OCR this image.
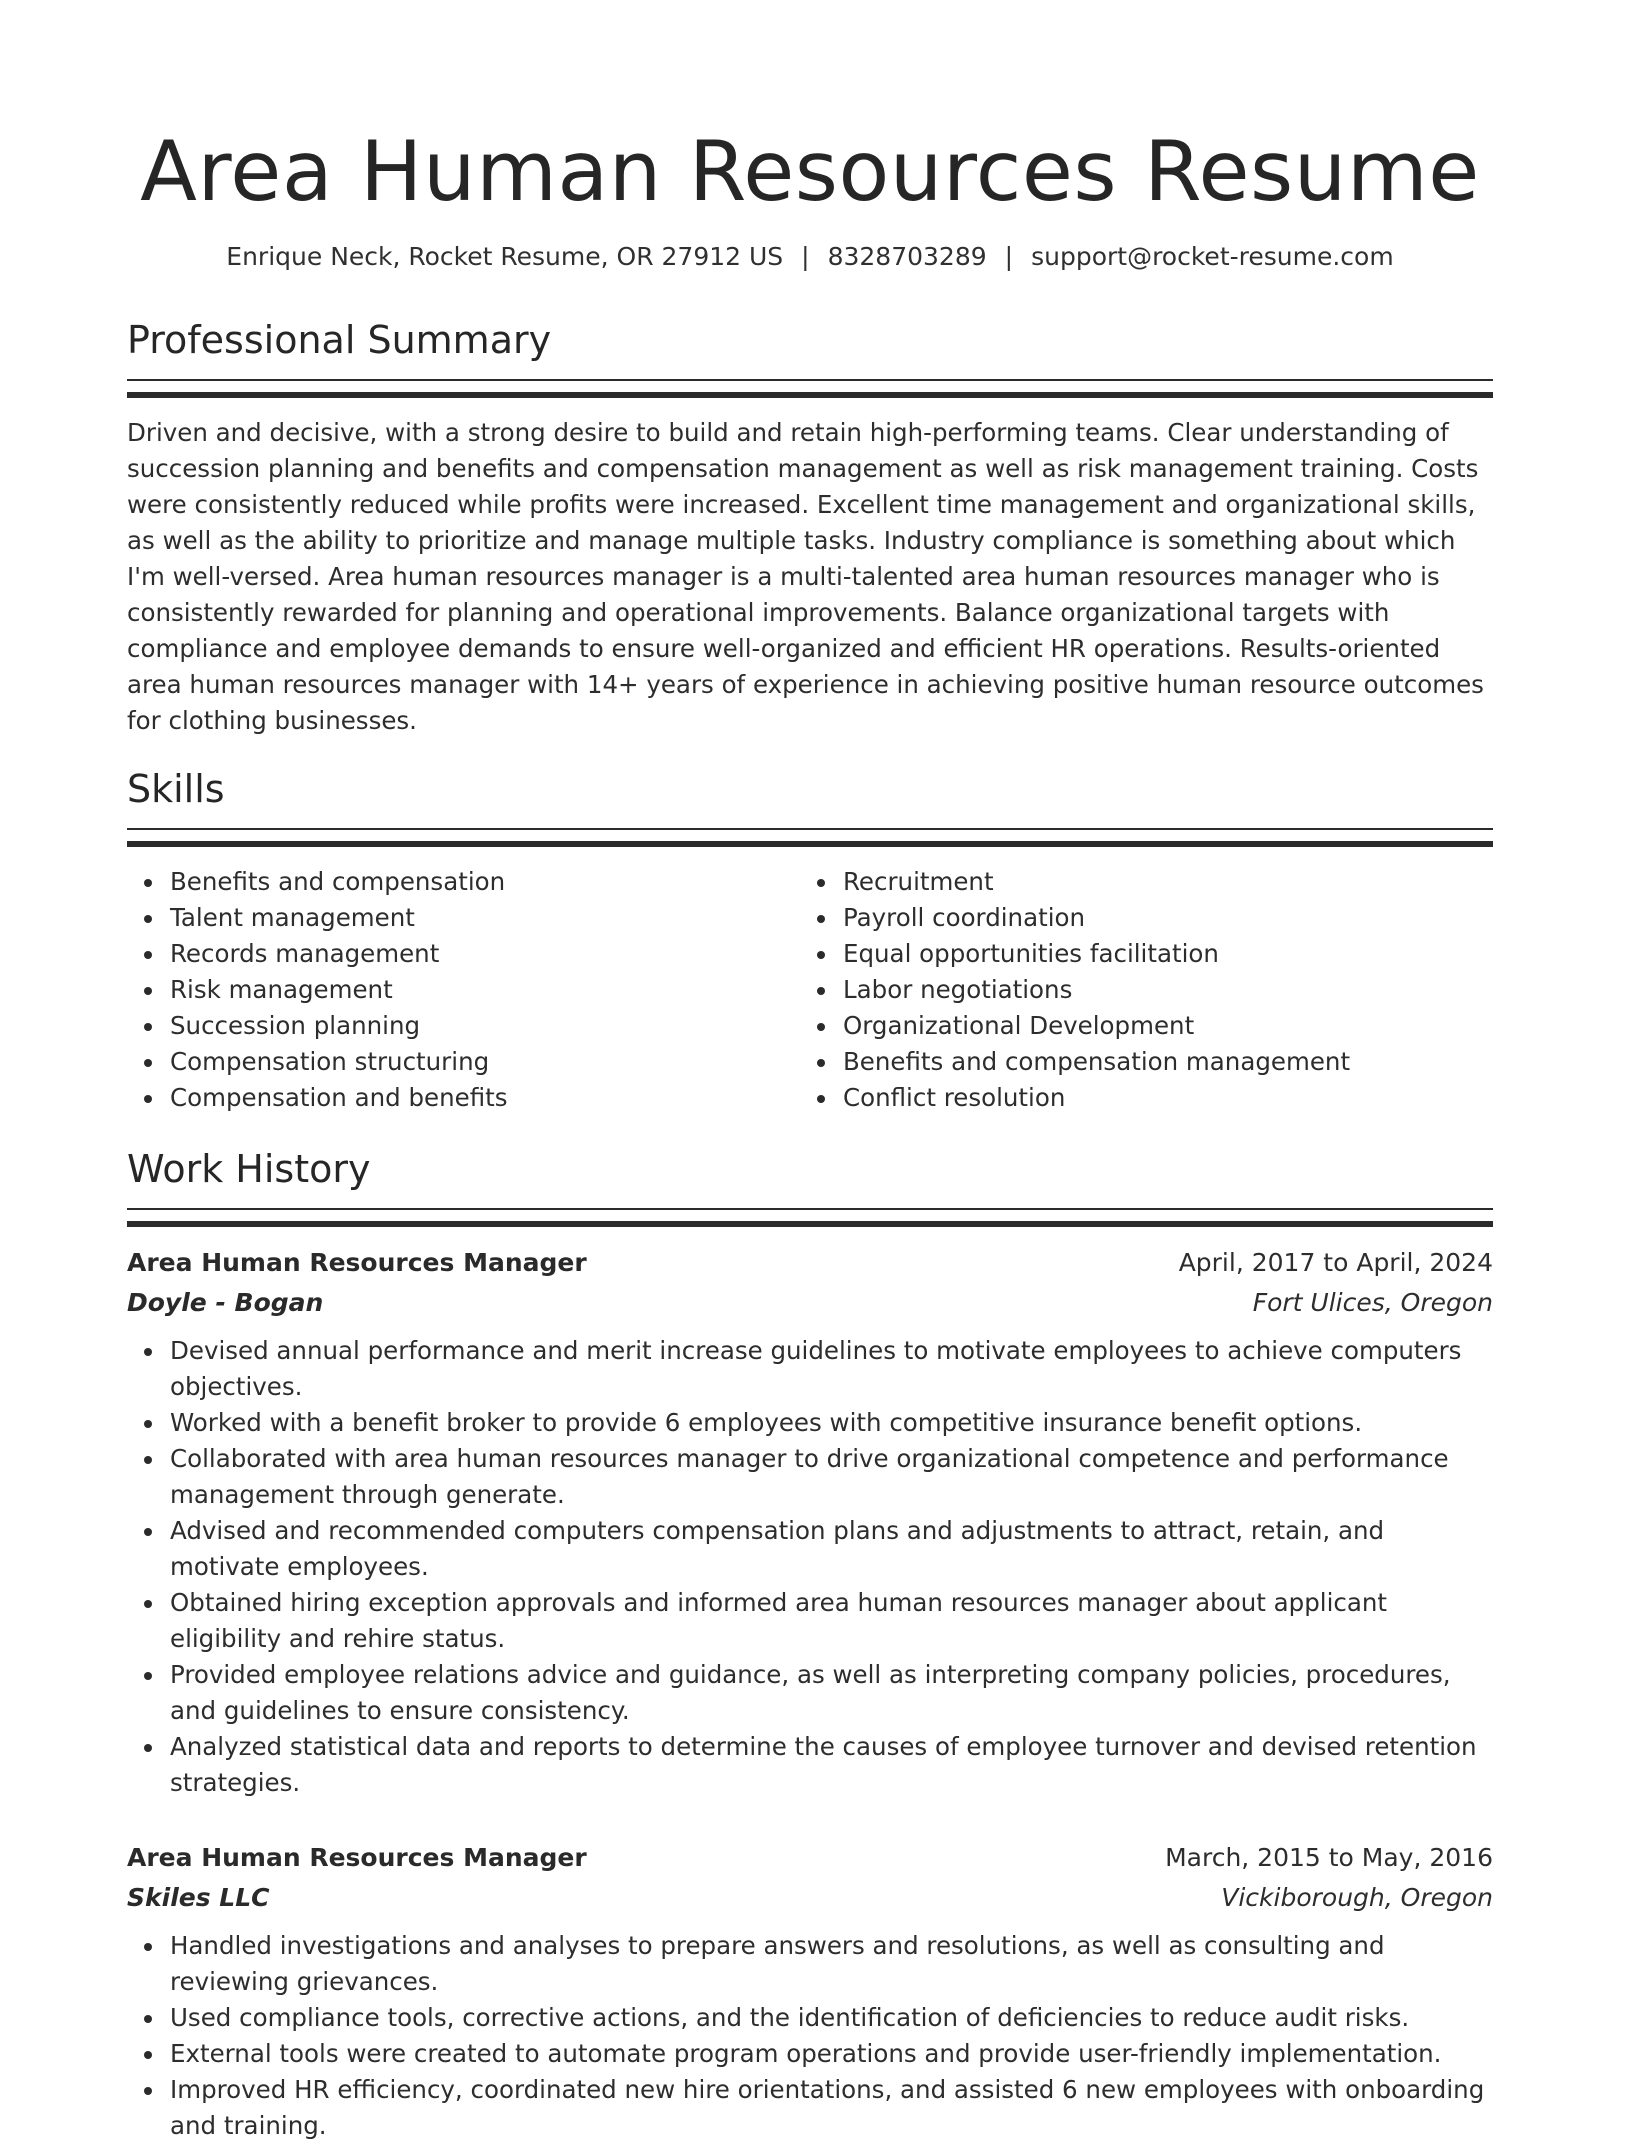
Area Human Resources Resume
Enrique Neck, Rocket Resume, OR 27912 US | 8328703289 | support@rocket-resume.com
Professional Summary

Driven and decisive, with a strong desire to build and retain high-performing teams. Clear understanding of succession planning and benefits and compensation management as well as risk management training. Costs were consistently reduced while profits were increased. Excellent time management and organizational skills, as well as the ability to prioritize and manage multiple tasks. Industry compliance is something about which I'm well-versed. Area human resources manager is a multi-talented area human resources manager who is consistently rewarded for planning and operational improvements. Balance organizational targets with compliance and employee demands to ensure well-organized and efficient HR operations. Results-oriented area human resources manager with 14+ years of experience in achieving positive human resource outcomes for clothing businesses.

Skills
Benefits and compensation
Talent management
Records management
Risk management
Succession planning
Compensation structuring
Compensation and benefits
Recruitment
Payroll coordination
Equal opportunities facilitation
Labor negotiations
Organizational Development
Benefits and compensation management
Conflict resolution
Work History
Area Human Resources Manager	April, 2017 to April, 2024
Doyle - Bogan	Fort Ulices, Oregon
Devised annual performance and merit increase guidelines to motivate employees to achieve computers objectives.
Worked with a benefit broker to provide 6 employees with competitive insurance benefit options.
Collaborated with area human resources manager to drive organizational competence and performance management through generate.
Advised and recommended computers compensation plans and adjustments to attract, retain, and motivate employees.
Obtained hiring exception approvals and informed area human resources manager about applicant eligibility and rehire status.
Provided employee relations advice and guidance, as well as interpreting company policies, procedures, and guidelines to ensure consistency.
Analyzed statistical data and reports to determine the causes of employee turnover and devised retention strategies.
Area Human Resources Manager	March, 2015 to May, 2016
Skiles LLC	Vickiborough, Oregon
Handled investigations and analyses to prepare answers and resolutions, as well as consulting and reviewing grievances.
Used compliance tools, corrective actions, and the identification of deficiencies to reduce audit risks.
External tools were created to automate program operations and provide user-friendly implementation.
Improved HR efficiency, coordinated new hire orientations, and assisted 6 new employees with onboarding and training.
